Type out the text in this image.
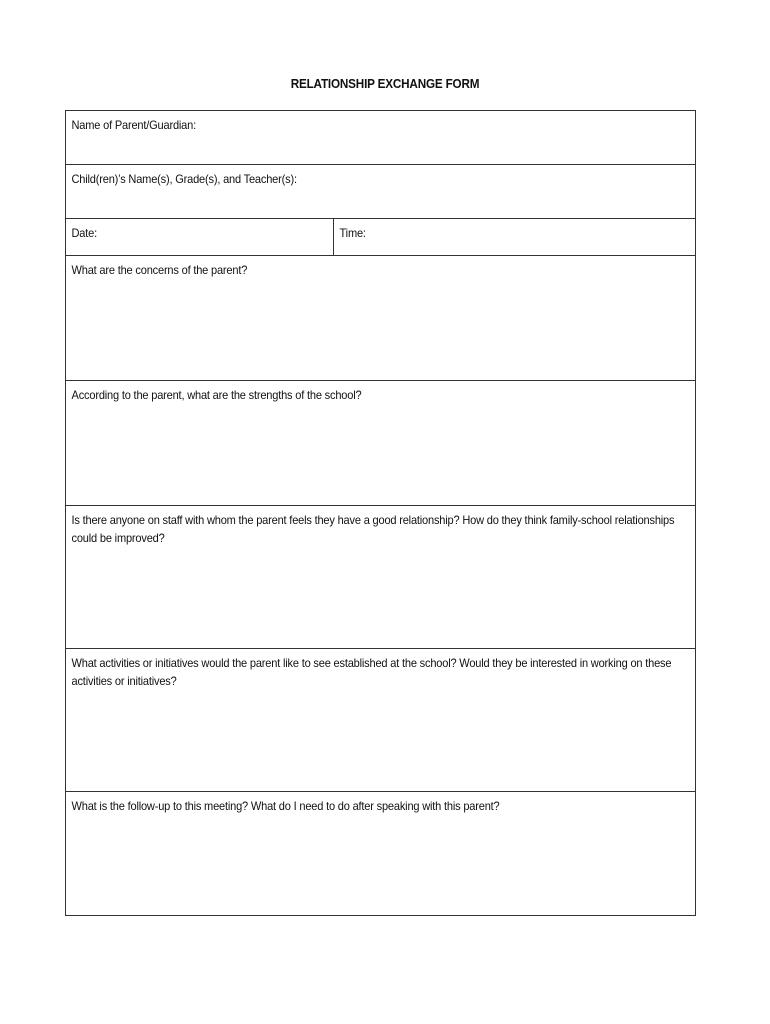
RELATIONSHIP EXCHANGE FORM
Name of Parent/Guardian:
Child(ren)’s Name(s), Grade(s), and Teacher(s):
Date:	Time:
What are the concerns of the parent?
According to the parent, what are the strengths of the school?
Is there anyone on staff with whom the parent feels they have a good relationship? How do they think family-school relationships could be improved?
What activities or initiatives would the parent like to see established at the school? Would they be interested in working on these activities or initiatives?
What is the follow-up to this meeting? What do I need to do after speaking with this parent?
